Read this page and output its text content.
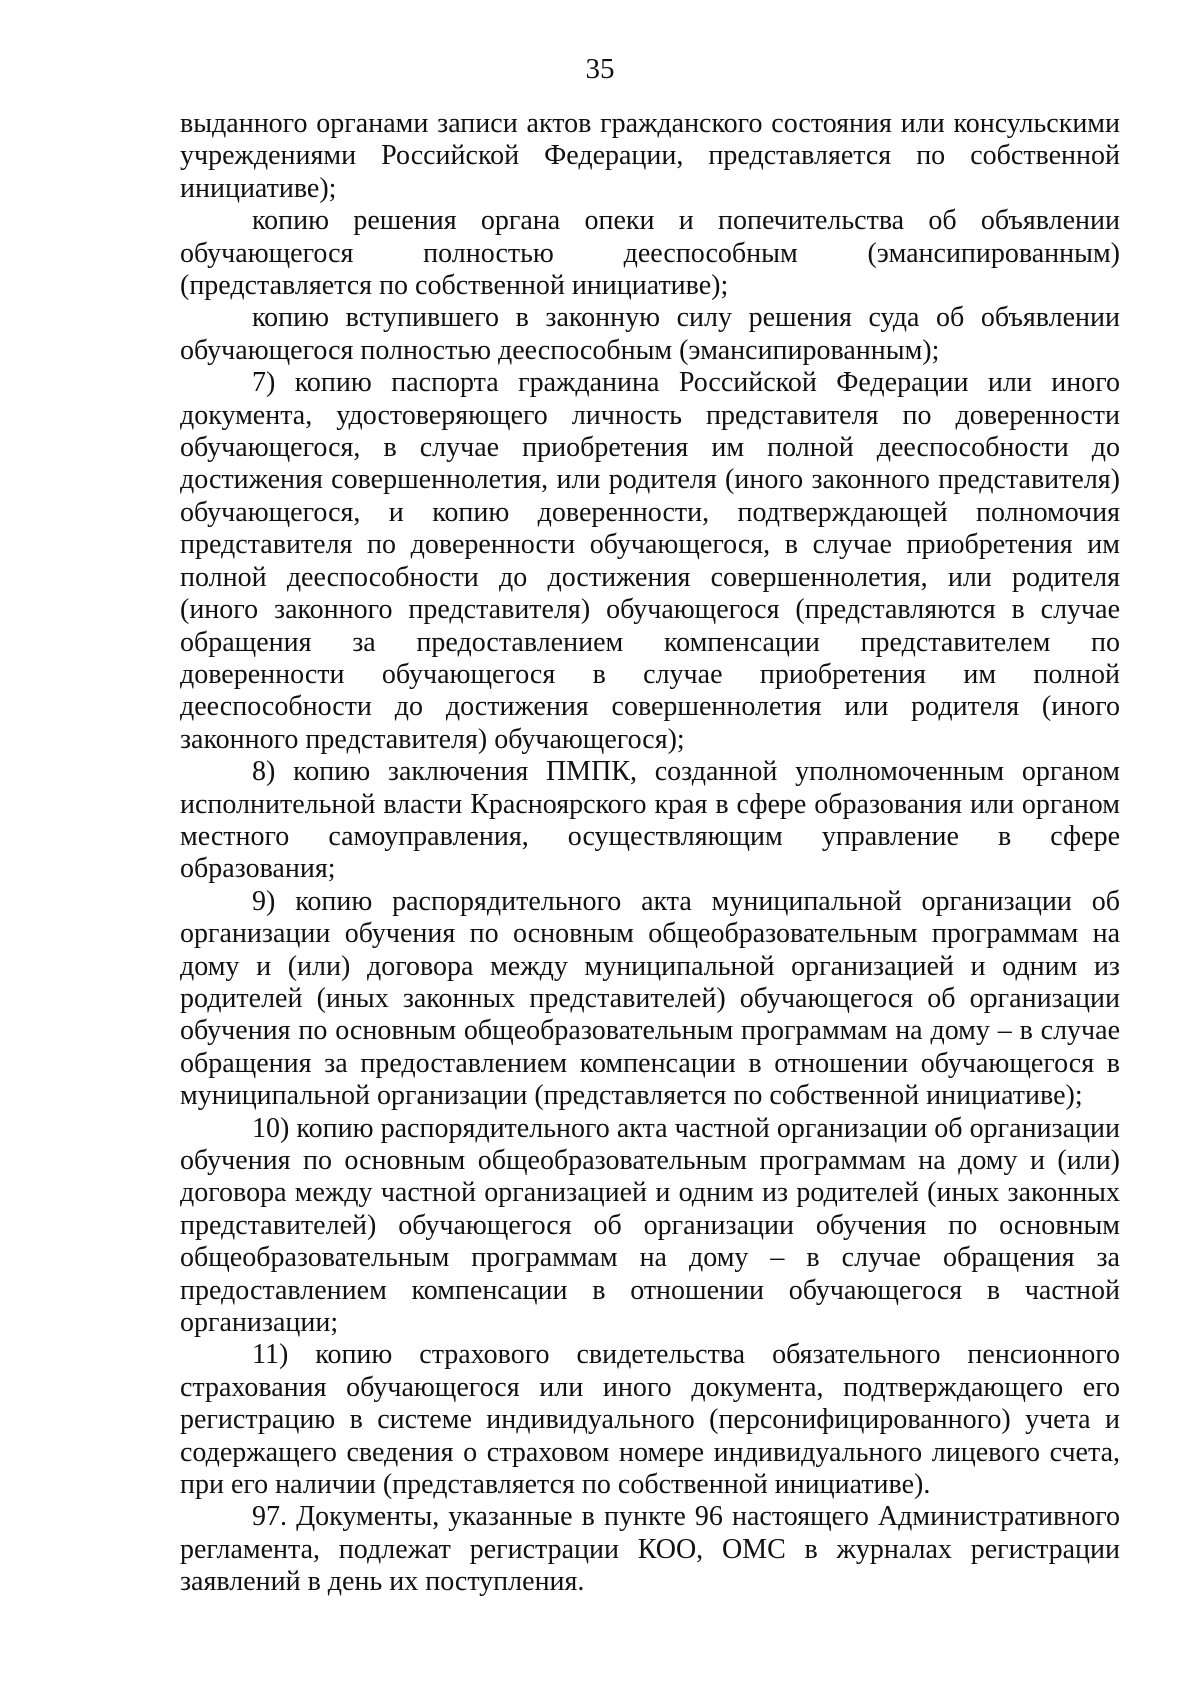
35

выданного органами записи актов гражданского состояния или консульскими учреждениями Российской Федерации, представляется по собственной инициативе);

копию решения органа опеки и попечительства об объявлении обучающегося полностью дееспособным (эмансипированным) (представляется по собственной инициативе);

копию вступившего в законную силу решения суда об объявлении обучающегося полностью дееспособным (эмансипированным);

7) копию паспорта гражданина Российской Федерации или иного документа, удостоверяющего личность представителя по доверенности обучающегося, в случае приобретения им полной дееспособности до достижения совершеннолетия, или родителя (иного законного представителя) обучающегося, и копию доверенности, подтверждающей полномочия представителя по доверенности обучающегося, в случае приобретения им полной дееспособности до достижения совершеннолетия, или родителя (иного законного представителя) обучающегося (представляются в случае обращения за предоставлением компенсации представителем по доверенности обучающегося в случае приобретения им полной дееспособности до достижения совершеннолетия или родителя (иного законного представителя) обучающегося);

8) копию заключения ПМПК, созданной уполномоченным органом исполнительной власти Красноярского края в сфере образования или органом местного самоуправления, осуществляющим управление в сфере образования;

9) копию распорядительного акта муниципальной организации об организации обучения по основным общеобразовательным программам на дому и (или) договора между муниципальной организацией и одним из родителей (иных законных представителей) обучающегося об организации обучения по основным общеобразовательным программам на дому – в случае обращения за предоставлением компенсации в отношении обучающегося в муниципальной организации (представляется по собственной инициативе);

10) копию распорядительного акта частной организации об организации обучения по основным общеобразовательным программам на дому и (или) договора между частной организацией и одним из родителей (иных законных представителей) обучающегося об организации обучения по основным общеобразовательным программам на дому – в случае обращения за предоставлением компенсации в отношении обучающегося в частной организации;

11) копию страхового свидетельства обязательного пенсионного страхования обучающегося или иного документа, подтверждающего его регистрацию в системе индивидуального (персонифицированного) учета и содержащего сведения о страховом номере индивидуального лицевого счета, при его наличии (представляется по собственной инициативе).

97. Документы, указанные в пункте 96 настоящего Административного регламента, подлежат регистрации КОО, ОМС в журналах регистрации заявлений в день их поступления.
